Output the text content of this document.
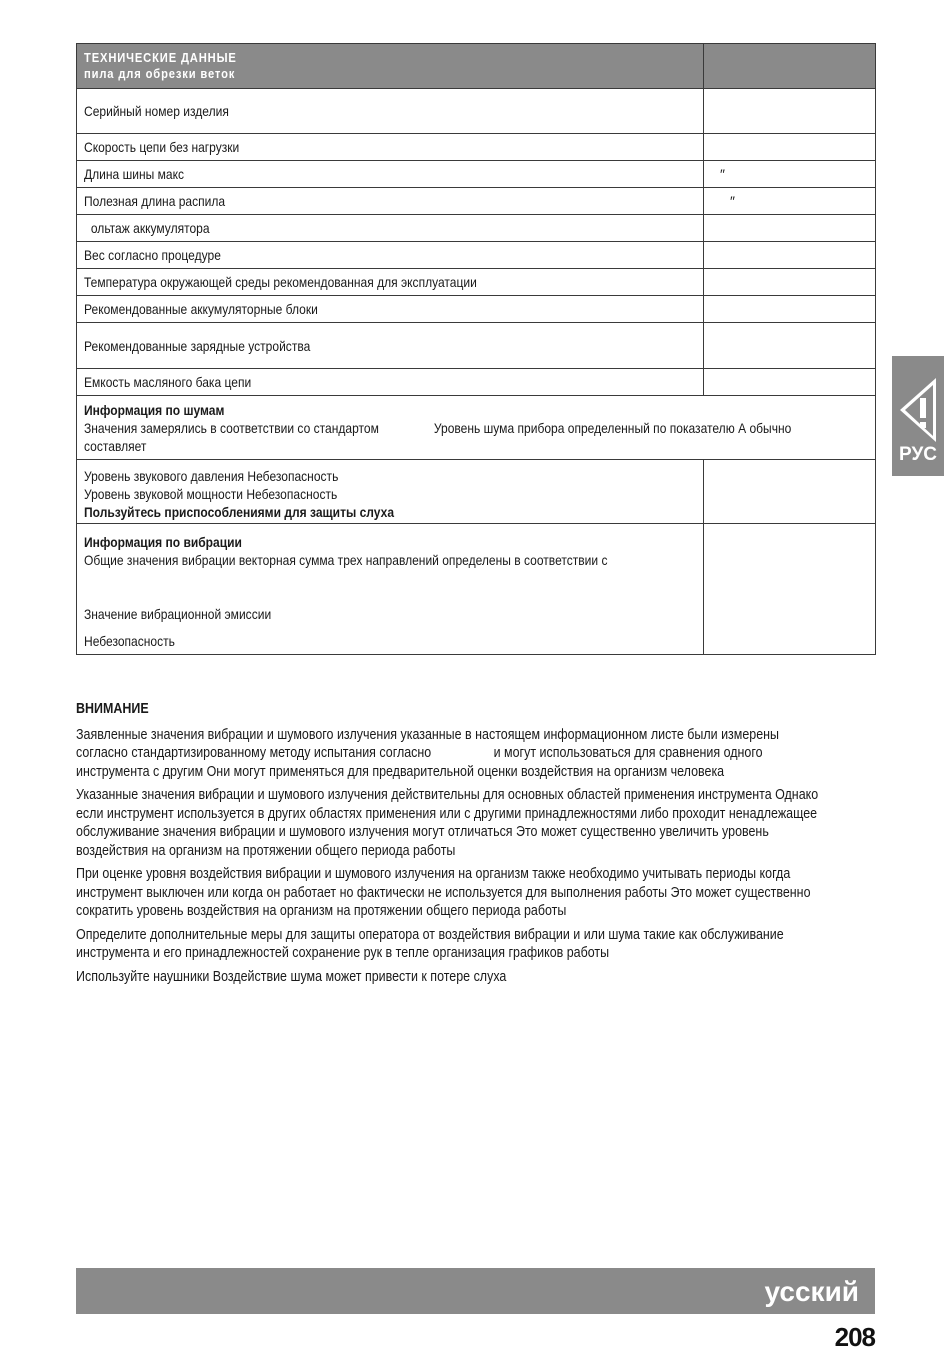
ТЕХНИЧЕСКИЕ ДАННЫЕ
пила для обрезки веток	

Серийный номер изделия	
Скорость цепи без нагрузки	
Длина шины макс	″
Полезная длина распила	″
ольтаж аккумулятора	
Вес согласно процедуре	
Температура окружающей среды рекомендованная для эксплуатации	
Рекомендованные аккумуляторные блоки	
Рекомендованные зарядные устройства	
Емкость масляного бака цепи	

Информация по шумам
Значения замерялись в соответствии со стандартом Уровень шума прибора определенный по показателю А обычно
составляет	

Уровень звукового давления Небезопасность
Уровень звуковой мощности Небезопасность
Пользуйтесь приспособлениями для защиты слуха	

Информация по вибрации
Общие значения вибрации векторная сумма трех направлений определены в соответствии с
Значение вибрационной эмиссии
Небезопасность	

РУС
ВНИМАНИЕ

Заявленные значения вибрации и шумового излучения указанные в настоящем информационном листе были измерены
согласно стандартизированному методу испытания согласно                  и могут использоваться для сравнения одного
инструмента с другим Они могут применяться для предварительной оценки воздействия на организм человека

Указанные значения вибрации и шумового излучения действительны для основных областей применения инструмента Однако
если инструмент используется в других областях применения или с другими принадлежностями либо проходит ненадлежащее
обслуживание значения вибрации и шумового излучения могут отличаться Это может существенно увеличить уровень
воздействия на организм на протяжении общего периода работы

При оценке уровня воздействия вибрации и шумового излучения на организм также необходимо учитывать периоды когда
инструмент выключен или когда он работает но фактически не используется для выполнения работы Это может существенно
сократить уровень воздействия на организм на протяжении общего периода работы

Определите дополнительные меры для защиты оператора от воздействия вибрации и или шума такие как обслуживание
инструмента и его принадлежностей сохранение рук в тепле организация графиков работы

Используйте наушники Воздействие шума может привести к потере слуха

усский
208
